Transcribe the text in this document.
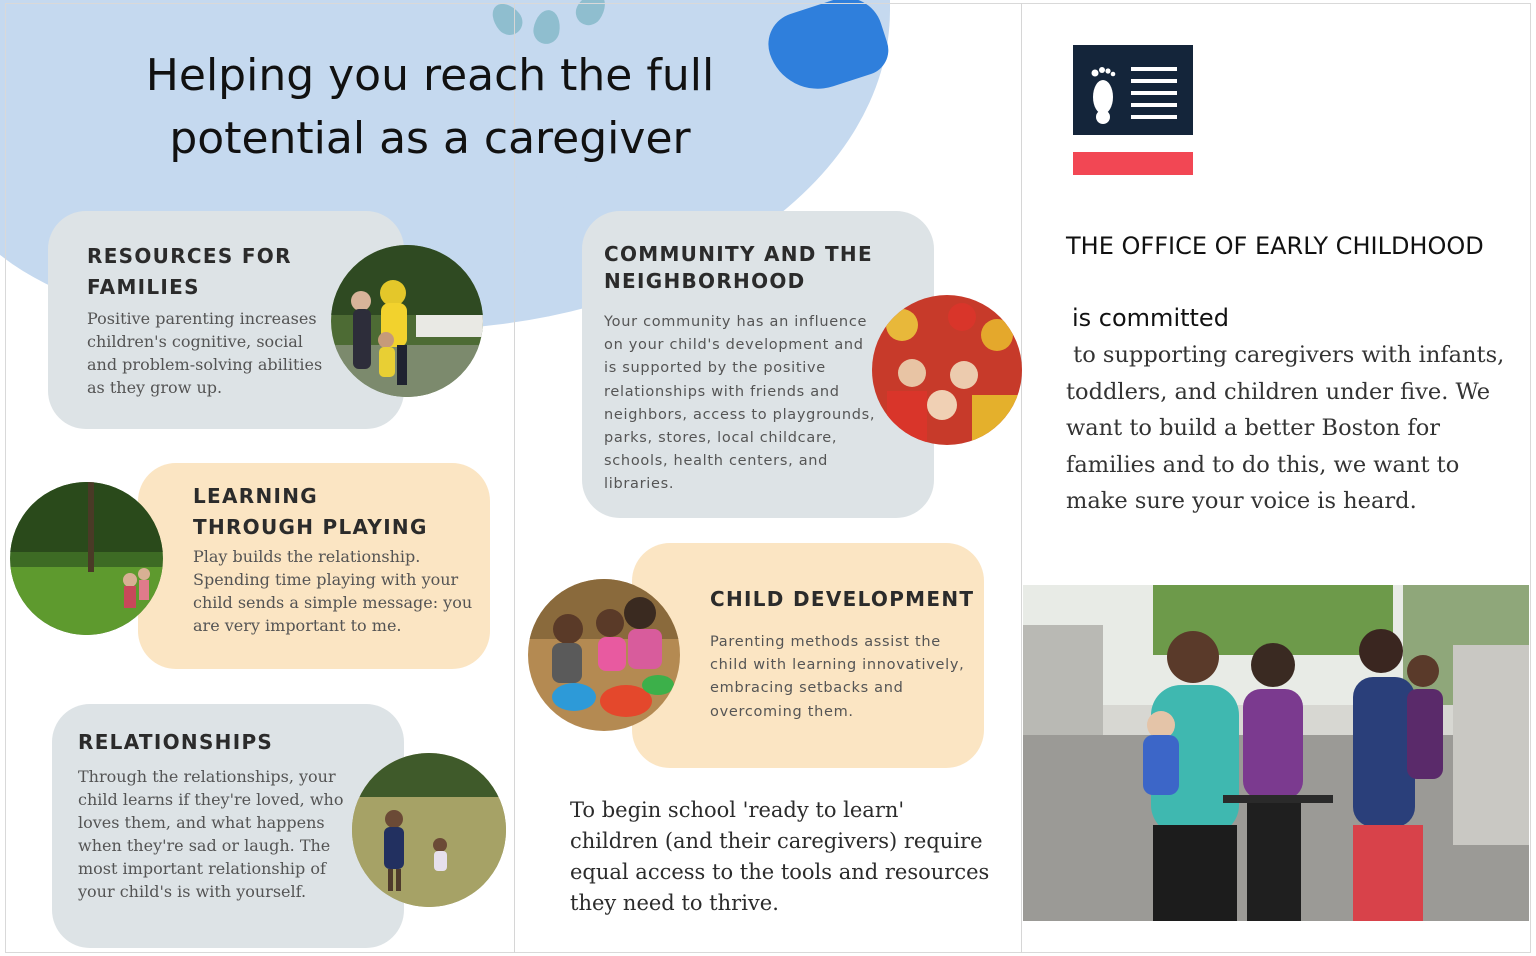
Helping you reach the full potential as a caregiver
RESOURCES FOR FAMILIES

Positive parenting increases children's cognitive, social and problem-solving abilities as they grow up.

LEARNING THROUGH PLAYING

Play builds the relationship. Spending time playing with your child sends a simple message: you are very important to me.

RELATIONSHIPS

Through the relationships, your child learns if they're loved, who loves them, and what happens when they're sad or laugh. The most important relationship of your child's is with yourself.

COMMUNITY AND THE NEIGHBORHOOD

Your community has an influence on your child's development and is supported by the positive relationships with friends and neighbors, access to playgrounds, parks, stores, local childcare, schools, health centers, and libraries.

CHILD DEVELOPMENT

Parenting methods assist the child with learning innovatively, embracing setbacks and overcoming them.

To begin school 'ready to learn' children (and their caregivers) require equal access to the tools and resources they need to thrive.

THE OFFICE OF EARLY CHILDHOOD

is committed

to supporting caregivers with infants, toddlers, and children under five. We want to build a better Boston for families and to do this, we want to make sure your voice is heard.
